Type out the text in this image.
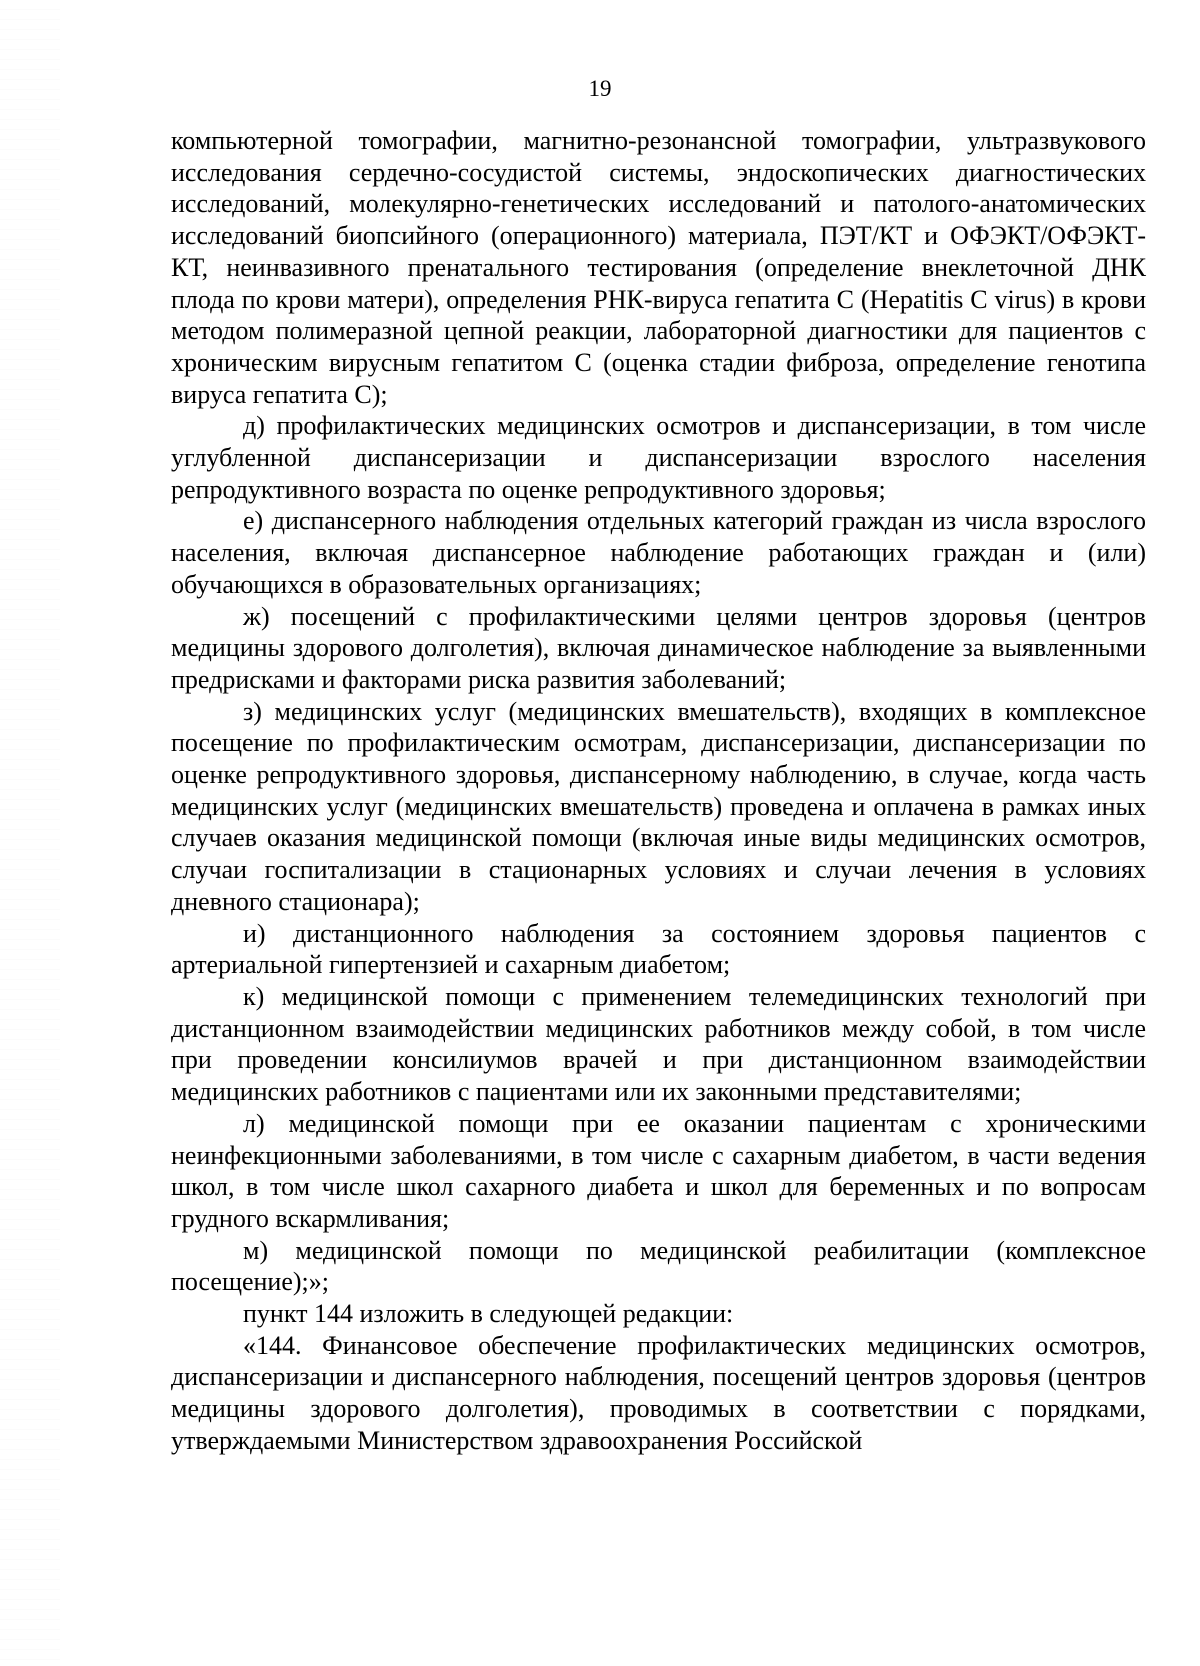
19

компьютерной томографии, магнитно-резонансной томографии, ультразвукового исследования сердечно-сосудистой системы, эндоскопических диагностических исследований, молекулярно-генетических исследований и патолого-анатомических исследований биопсийного (операционного) материала, ПЭТ/КТ и ОФЭКТ/ОФЭКТ-КТ, неинвазивного пренатального тестирования (определение внеклеточной ДНК плода по крови матери), определения РНК-вируса гепатита С (Hepatitis C virus) в крови методом полимеразной цепной реакции, лабораторной диагностики для пациентов с хроническим вирусным гепатитом С (оценка стадии фиброза, определение генотипа вируса гепатита С);

д) профилактических медицинских осмотров и диспансеризации, в том числе углубленной диспансеризации и диспансеризации взрослого населения репродуктивного возраста по оценке репродуктивного здоровья;

е) диспансерного наблюдения отдельных категорий граждан из числа взрослого населения, включая диспансерное наблюдение работающих граждан и (или) обучающихся в образовательных организациях;

ж) посещений с профилактическими целями центров здоровья (центров медицины здорового долголетия), включая динамическое наблюдение за выявленными предрисками и факторами риска развития заболеваний;

з) медицинских услуг (медицинских вмешательств), входящих в комплексное посещение по профилактическим осмотрам, диспансеризации, диспансеризации по оценке репродуктивного здоровья, диспансерному наблюдению, в случае, когда часть медицинских услуг (медицинских вмешательств) проведена и оплачена в рамках иных случаев оказания медицинской помощи (включая иные виды медицинских осмотров, случаи госпитализации в стационарных условиях и случаи лечения в условиях дневного стационара);

и) дистанционного наблюдения за состоянием здоровья пациентов с артериальной гипертензией и сахарным диабетом;

к) медицинской помощи с применением телемедицинских технологий при дистанционном взаимодействии медицинских работников между собой, в том числе при проведении консилиумов врачей и при дистанционном взаимодействии медицинских работников с пациентами или их законными представителями;

л) медицинской помощи при ее оказании пациентам с хроническими неинфекционными заболеваниями, в том числе с сахарным диабетом, в части ведения школ, в том числе школ сахарного диабета и школ для беременных и по вопросам грудного вскармливания;

м) медицинской помощи по медицинской реабилитации (комплексное посещение);»;

пункт 144 изложить в следующей редакции:

«144. Финансовое обеспечение профилактических медицинских осмотров, диспансеризации и диспансерного наблюдения, посещений центров здоровья (центров медицины здорового долголетия), проводимых в соответствии с порядками, утверждаемыми Министерством здравоохранения Российской
